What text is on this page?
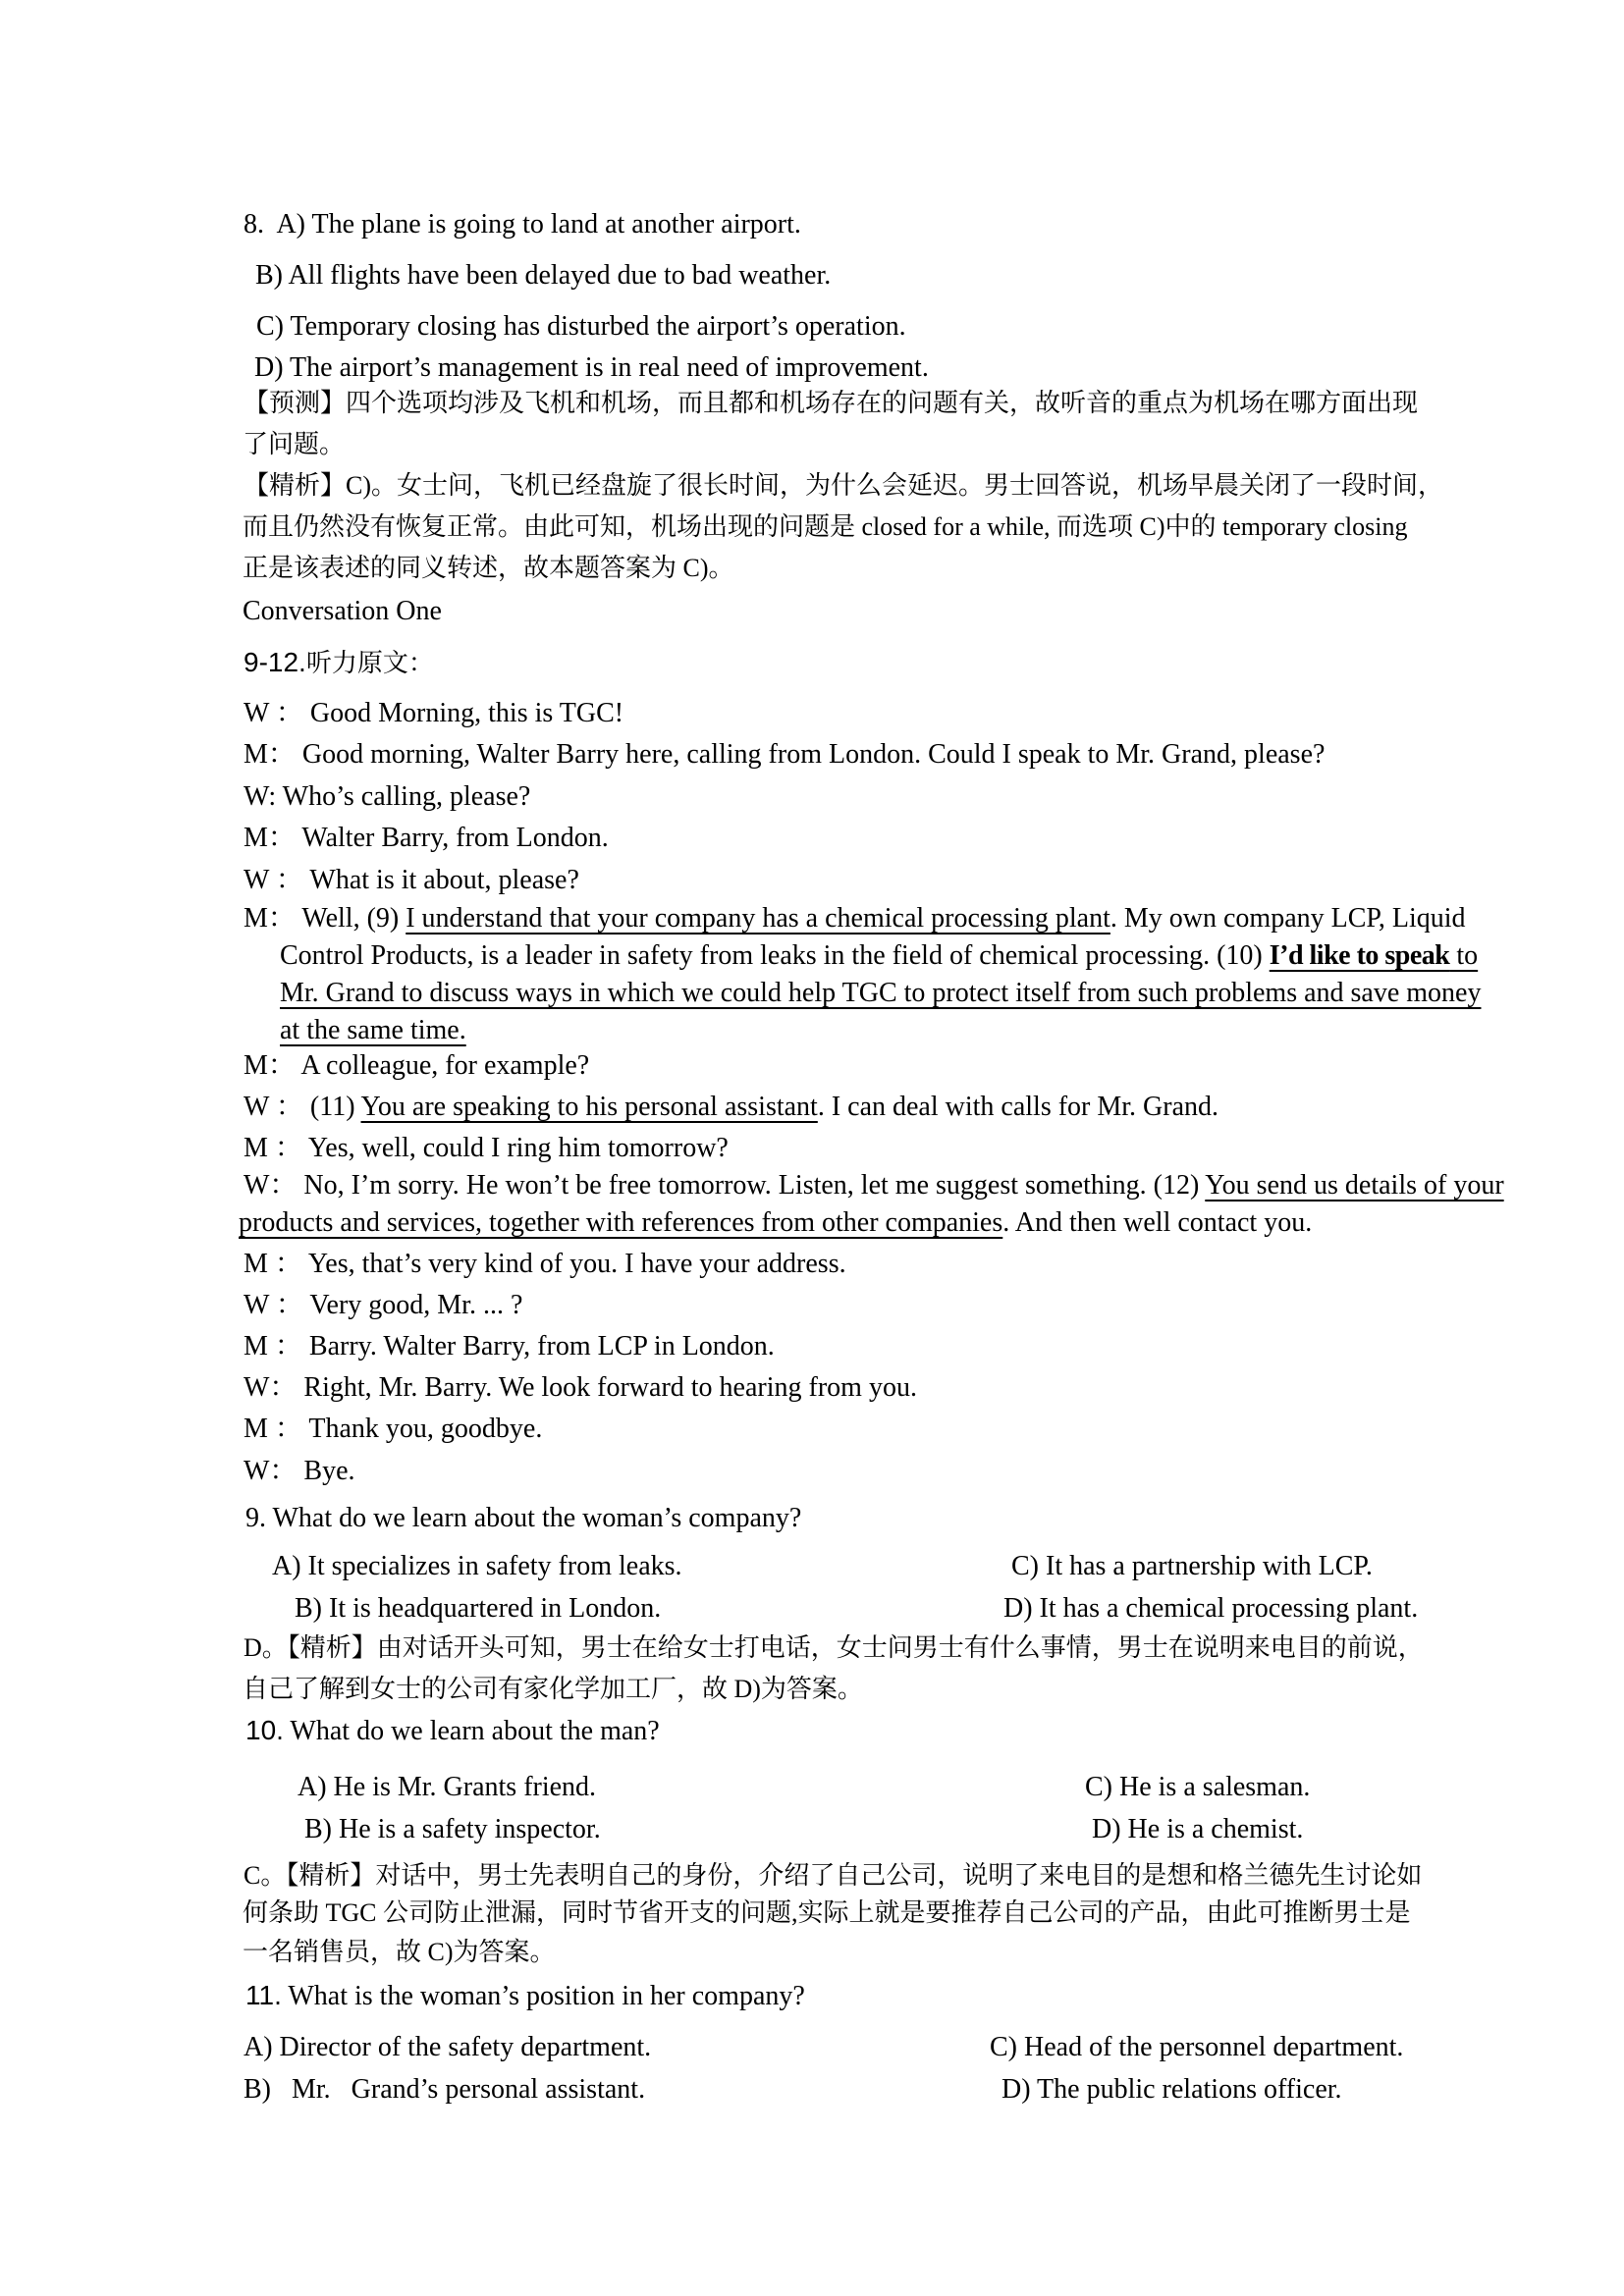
8.  A) The plane is going to land at another airport.
B) All flights have been delayed due to bad weather.
C) Temporary closing has disturbed the airport’s operation.
D) The airport’s management is in real need of improvement.
【预测】四个选项均涉及飞机和机场，而且都和机场存在的问题有关，故听音的重点为机场在哪方面出现
了问题。
【精析】C)。女士问，飞机已经盘旋了很长时间，为什么会延迟。男士回答说，机场早晨关闭了一段时间，
而且仍然没有恢复正常。由此可知，机场出现的问题是 closed for a while, 而选项 C)中的 temporary closing
正是该表述的同义转述，故本题答案为 C)。
Conversation One
9-12.听力原文：
W ： Good Morning, this is TGC!
M： Good morning, Walter Barry here, calling from London. Could I speak to Mr. Grand, please?
W: Who’s calling, please?
M： Walter Barry, from London.
W ： What is it about, please?
M： Well, (9) I understand that your company has a chemical processing plant. My own company LCP, Liquid
Control Products, is a leader in safety from leaks in the field of chemical processing. (10) I’d like to speak to
Mr. Grand to discuss ways in which we could help TGC to protect itself from such problems and save money
at the same time.
M： A colleague, for example?
W ： (11) You are speaking to his personal assistant. I can deal with calls for Mr. Grand.
M ： Yes, well, could I ring him tomorrow?
W： No, I’m sorry. He won’t be free tomorrow. Listen, let me suggest something. (12) You send us details of your
products and services, together with references from other companies. And then well contact you.
M ： Yes, that’s very kind of you. I have your address.
W ： Very good, Mr. ... ?
M ： Barry. Walter Barry, from LCP in London.
W： Right, Mr. Barry. We look forward to hearing from you.
M ： Thank you, goodbye.
W： Bye.
9. What do we learn about the woman’s company?
A) It specializes in safety from leaks.	C) It has a partnership with LCP.
B) It is headquartered in London.	D) It has a chemical processing plant.
D。【精析】由对话开头可知，男士在给女士打电话，女士问男士有什么事情，男士在说明来电目的前说，
自己了解到女士的公司有家化学加工厂，故 D)为答案。
10. What do we learn about the man?
A) He is Mr. Grants friend.	C) He is a salesman.
B) He is a safety inspector.	D) He is a chemist.
C。【精析】对话中，男士先表明自己的身份，介绍了自己公司，说明了来电目的是想和格兰德先生讨论如
何条助 TGC 公司防止泄漏，同时节省开支的问题,实际上就是要推荐自己公司的产品，由此可推断男士是
一名销售员，故 C)为答案。
11. What is the woman’s position in her company?
A) Director of the safety department.	C) Head of the personnel department.
B)   Mr.   Grand’s personal assistant.	D) The public relations officer.
